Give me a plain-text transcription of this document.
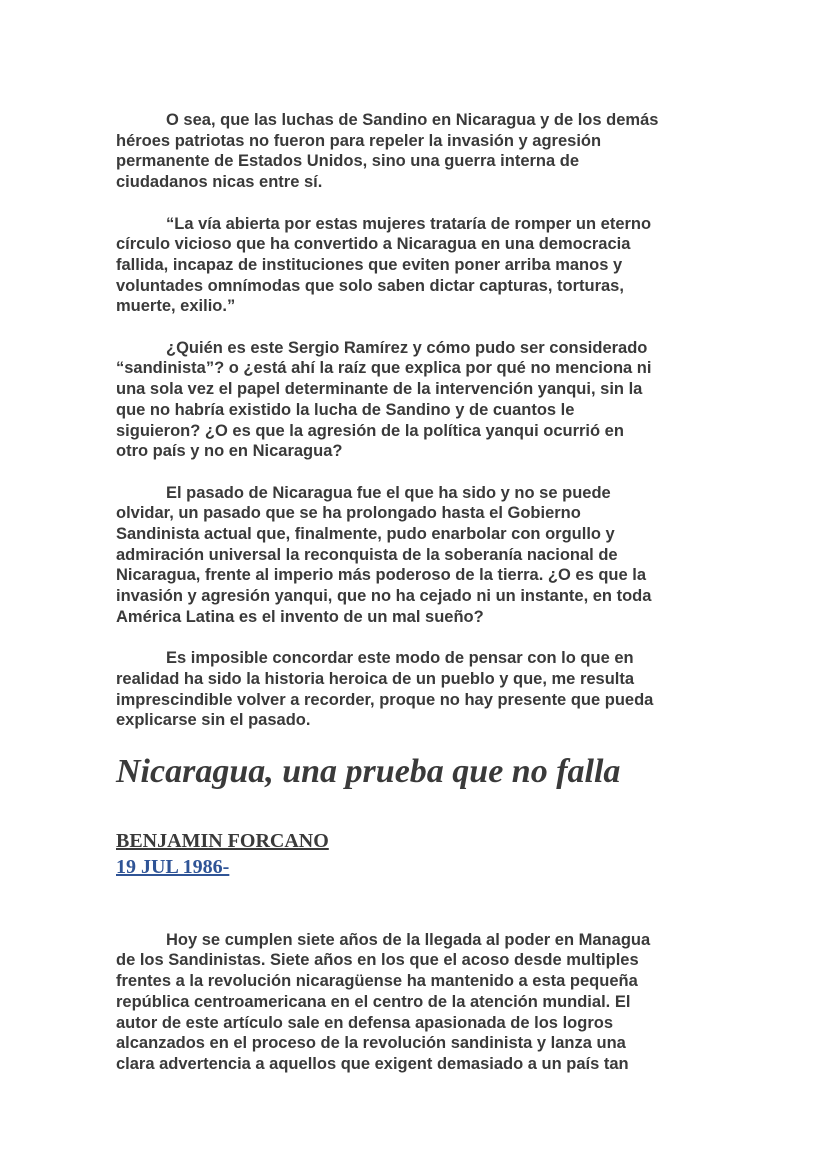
O sea, que las luchas de Sandino en Nicaragua y de los demás
héroes patriotas no fueron para repeler la invasión y agresión
permanente de Estados Unidos, sino una guerra interna de
ciudadanos nicas entre sí.

“La vía abierta por estas mujeres trataría de romper un eterno
círculo vicioso que ha convertido a Nicaragua en una democracia
fallida, incapaz de instituciones que eviten poner arriba manos y
voluntades omnímodas que solo saben dictar capturas, torturas,
muerte, exilio.”

¿Quién es este Sergio Ramírez y cómo pudo ser considerado
“sandinista”? o ¿está ahí la raíz que explica por qué no menciona ni
una sola vez el papel determinante de la intervención yanqui, sin la
que no habría existido la lucha de Sandino y de cuantos le
siguieron? ¿O es que la agresión de la política yanqui ocurrió en
otro país y no en Nicaragua?

El pasado de Nicaragua fue el que ha sido y no se puede
olvidar, un pasado que se ha prolongado hasta el Gobierno
Sandinista actual que, finalmente, pudo enarbolar con orgullo y
admiración universal la reconquista de la soberanía nacional de
Nicaragua, frente al imperio más poderoso de la tierra. ¿O es que la
invasión y agresión yanqui, que no ha cejado ni un instante, en toda
América Latina es el invento de un mal sueño?

Es imposible concordar este modo de pensar con lo que en
realidad ha sido la historia heroica de un pueblo y que, me resulta
imprescindible volver a recorder, proque no hay presente que pueda
explicarse sin el pasado.

Nicaragua, una prueba que no falla
BENJAMIN FORCANO
19 JUL 1986-

Hoy se cumplen siete años de la llegada al poder en Managua
de los Sandinistas. Siete años en los que el acoso desde multiples
frentes a la revolución nicaragüense ha mantenido a esta pequeña
república centroamericana en el centro de la atención mundial. El
autor de este artículo sale en defensa apasionada de los logros
alcanzados en el proceso de la revolución sandinista y lanza una
clara advertencia a aquellos que exigent demasiado a un país tan
